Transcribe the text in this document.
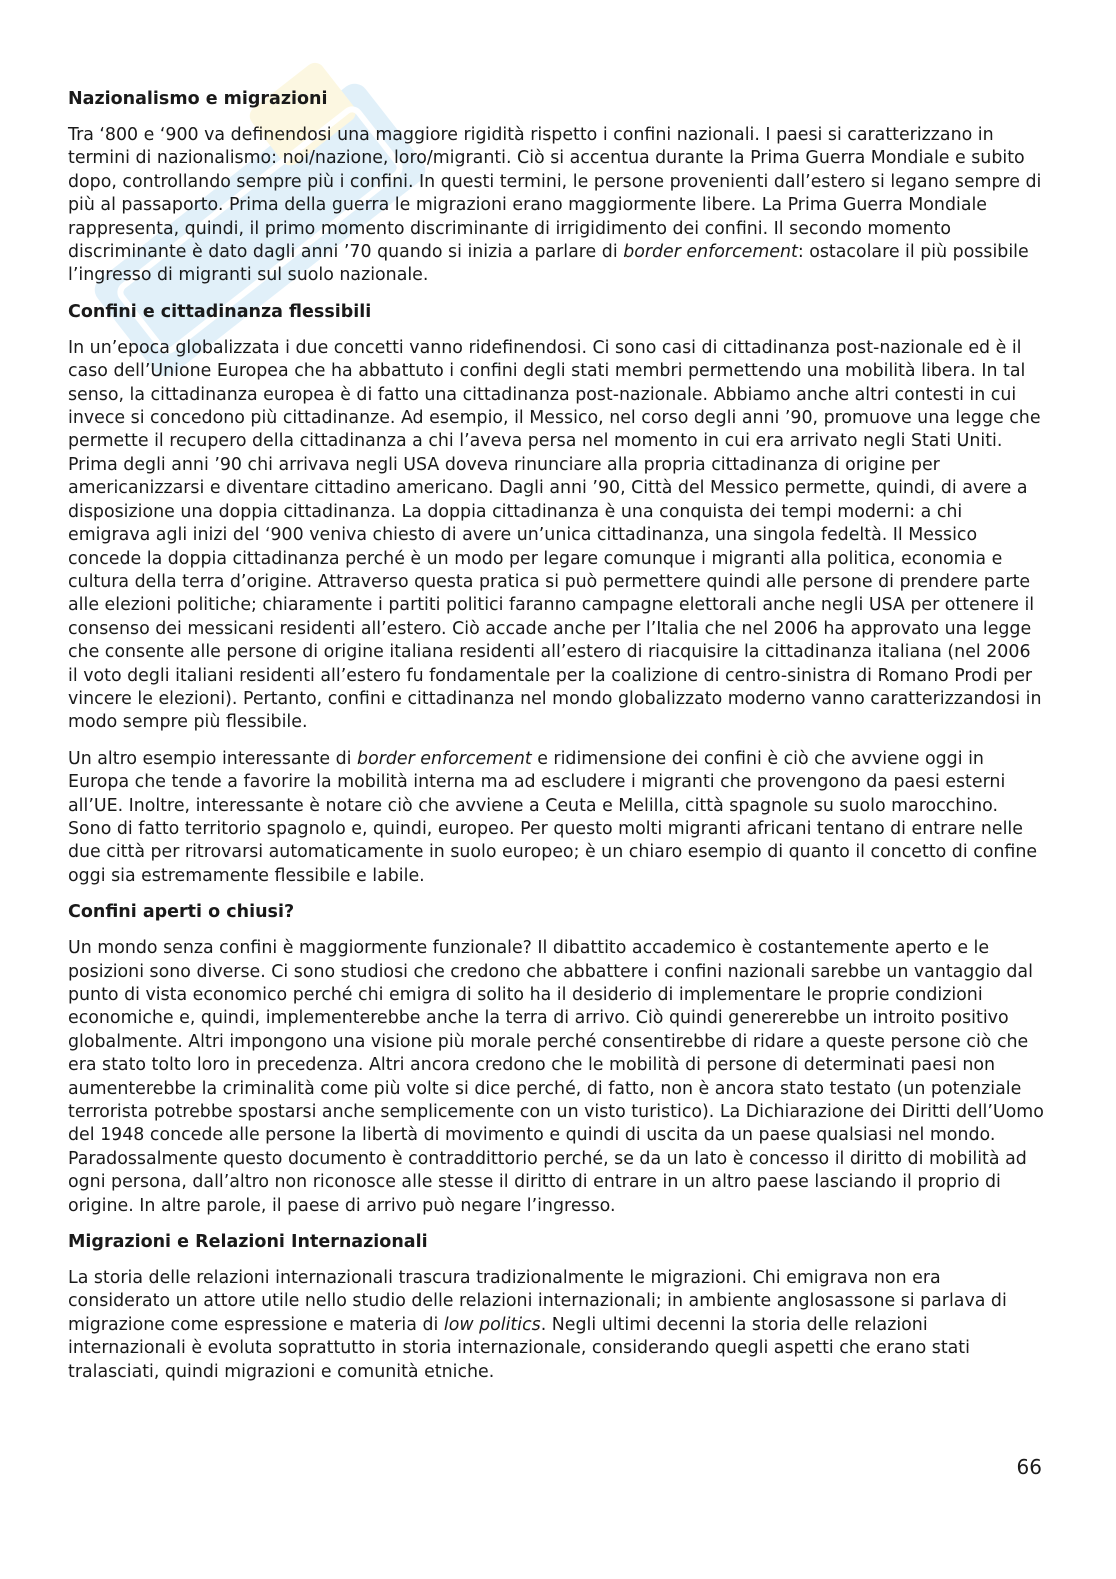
Nazionalismo e migrazioni

Tra ‘800 e ‘900 va definendosi una maggiore rigidità rispetto i confini nazionali. I paesi si caratterizzano in termini di nazionalismo: noi/nazione, loro/migranti. Ciò si accentua durante la Prima Guerra Mondiale e subito dopo, controllando sempre più i confini. In questi termini, le persone provenienti dall’estero si legano sempre di più al passaporto. Prima della guerra le migrazioni erano maggiormente libere. La Prima Guerra Mondiale rappresenta, quindi, il primo momento discriminante di irrigidimento dei confini. Il secondo momento discriminante è dato dagli anni ’70 quando si inizia a parlare di border enforcement: ostacolare il più possibile l’ingresso di migranti sul suolo nazionale.

Confini e cittadinanza flessibili

In un’epoca globalizzata i due concetti vanno ridefinendosi. Ci sono casi di cittadinanza post-nazionale ed è il caso dell’Unione Europea che ha abbattuto i confini degli stati membri permettendo una mobilità libera. In tal senso, la cittadinanza europea è di fatto una cittadinanza post-nazionale. Abbiamo anche altri contesti in cui invece si concedono più cittadinanze. Ad esempio, il Messico, nel corso degli anni ’90, promuove una legge che permette il recupero della cittadinanza a chi l’aveva persa nel momento in cui era arrivato negli Stati Uniti. Prima degli anni ’90 chi arrivava negli USA doveva rinunciare alla propria cittadinanza di origine per americanizzarsi e diventare cittadino americano. Dagli anni ’90, Città del Messico permette, quindi, di avere a disposizione una doppia cittadinanza. La doppia cittadinanza è una conquista dei tempi moderni: a chi emigrava agli inizi del ‘900 veniva chiesto di avere un’unica cittadinanza, una singola fedeltà. Il Messico concede la doppia cittadinanza perché è un modo per legare comunque i migranti alla politica, economia e cultura della terra d’origine. Attraverso questa pratica si può permettere quindi alle persone di prendere parte alle elezioni politiche; chiaramente i partiti politici faranno campagne elettorali anche negli USA per ottenere il consenso dei messicani residenti all’estero. Ciò accade anche per l’Italia che nel 2006 ha approvato una legge che consente alle persone di origine italiana residenti all’estero di riacquisire la cittadinanza italiana (nel 2006 il voto degli italiani residenti all’estero fu fondamentale per la coalizione di centro-sinistra di Romano Prodi per vincere le elezioni). Pertanto, confini e cittadinanza nel mondo globalizzato moderno vanno caratterizzandosi in modo sempre più flessibile.

Un altro esempio interessante di border enforcement e ridimensione dei confini è ciò che avviene oggi in Europa che tende a favorire la mobilità interna ma ad escludere i migranti che provengono da paesi esterni all’UE. Inoltre, interessante è notare ciò che avviene a Ceuta e Melilla, città spagnole su suolo marocchino. Sono di fatto territorio spagnolo e, quindi, europeo. Per questo molti migranti africani tentano di entrare nelle due città per ritrovarsi automaticamente in suolo europeo; è un chiaro esempio di quanto il concetto di confine oggi sia estremamente flessibile e labile.

Confini aperti o chiusi?

Un mondo senza confini è maggiormente funzionale? Il dibattito accademico è costantemente aperto e le posizioni sono diverse. Ci sono studiosi che credono che abbattere i confini nazionali sarebbe un vantaggio dal punto di vista economico perché chi emigra di solito ha il desiderio di implementare le proprie condizioni economiche e, quindi, implementerebbe anche la terra di arrivo. Ciò quindi genererebbe un introito positivo globalmente. Altri impongono una visione più morale perché consentirebbe di ridare a queste persone ciò che era stato tolto loro in precedenza. Altri ancora credono che le mobilità di persone di determinati paesi non aumenterebbe la criminalità come più volte si dice perché, di fatto, non è ancora stato testato (un potenziale terrorista potrebbe spostarsi anche semplicemente con un visto turistico). La Dichiarazione dei Diritti dell’Uomo del 1948 concede alle persone la libertà di movimento e quindi di uscita da un paese qualsiasi nel mondo. Paradossalmente questo documento è contraddittorio perché, se da un lato è concesso il diritto di mobilità ad ogni persona, dall’altro non riconosce alle stesse il diritto di entrare in un altro paese lasciando il proprio di origine. In altre parole, il paese di arrivo può negare l’ingresso.

Migrazioni e Relazioni Internazionali

La storia delle relazioni internazionali trascura tradizionalmente le migrazioni. Chi emigrava non era considerato un attore utile nello studio delle relazioni internazionali; in ambiente anglosassone si parlava di migrazione come espressione e materia di low politics. Negli ultimi decenni la storia delle relazioni internazionali è evoluta soprattutto in storia internazionale, considerando quegli aspetti che erano stati tralasciati, quindi migrazioni e comunità etniche.

66
